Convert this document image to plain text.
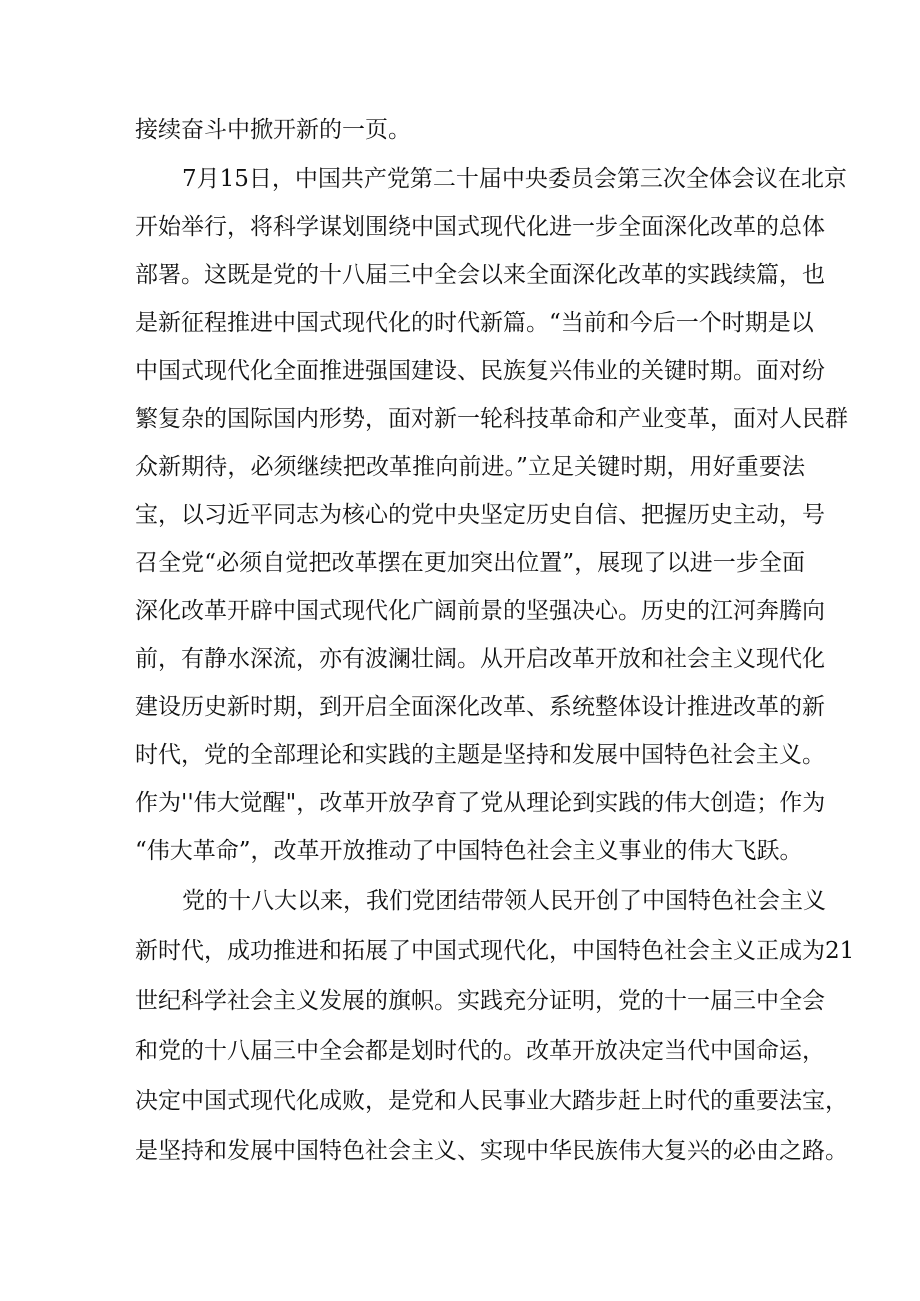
接续奋斗中掀开新的一页。
7月15日，中国共产党第二十届中央委员会第三次全体会议在北京
开始举行，将科学谋划围绕中国式现代化进一步全面深化改革的总体
部署。这既是党的十八届三中全会以来全面深化改革的实践续篇，也
是新征程推进中国式现代化的时代新篇。“当前和今后一个时期是以
中国式现代化全面推进强国建设、民族复兴伟业的关键时期。面对纷
繁复杂的国际国内形势，面对新一轮科技革命和产业变革，面对人民群
众新期待，必须继续把改革推向前进。”立足关键时期，用好重要法
宝，以习近平同志为核心的党中央坚定历史自信、把握历史主动，号
召全党“必须自觉把改革摆在更加突出位置”，展现了以进一步全面
深化改革开辟中国式现代化广阔前景的坚强决心。历史的江河奔腾向
前，有静水深流，亦有波澜壮阔。从开启改革开放和社会主义现代化
建设历史新时期，到开启全面深化改革、系统整体设计推进改革的新
时代，党的全部理论和实践的主题是坚持和发展中国特色社会主义。
作为''伟大觉醒"，改革开放孕育了党从理论到实践的伟大创造；作为
“伟大革命”，改革开放推动了中国特色社会主义事业的伟大飞跃。
党的十八大以来，我们党团结带领人民开创了中国特色社会主义
新时代，成功推进和拓展了中国式现代化，中国特色社会主义正成为21
世纪科学社会主义发展的旗帜。实践充分证明，党的十一届三中全会
和党的十八届三中全会都是划时代的。改革开放决定当代中国命运，
决定中国式现代化成败，是党和人民事业大踏步赶上时代的重要法宝，
是坚持和发展中国特色社会主义、实现中华民族伟大复兴的必由之路。
